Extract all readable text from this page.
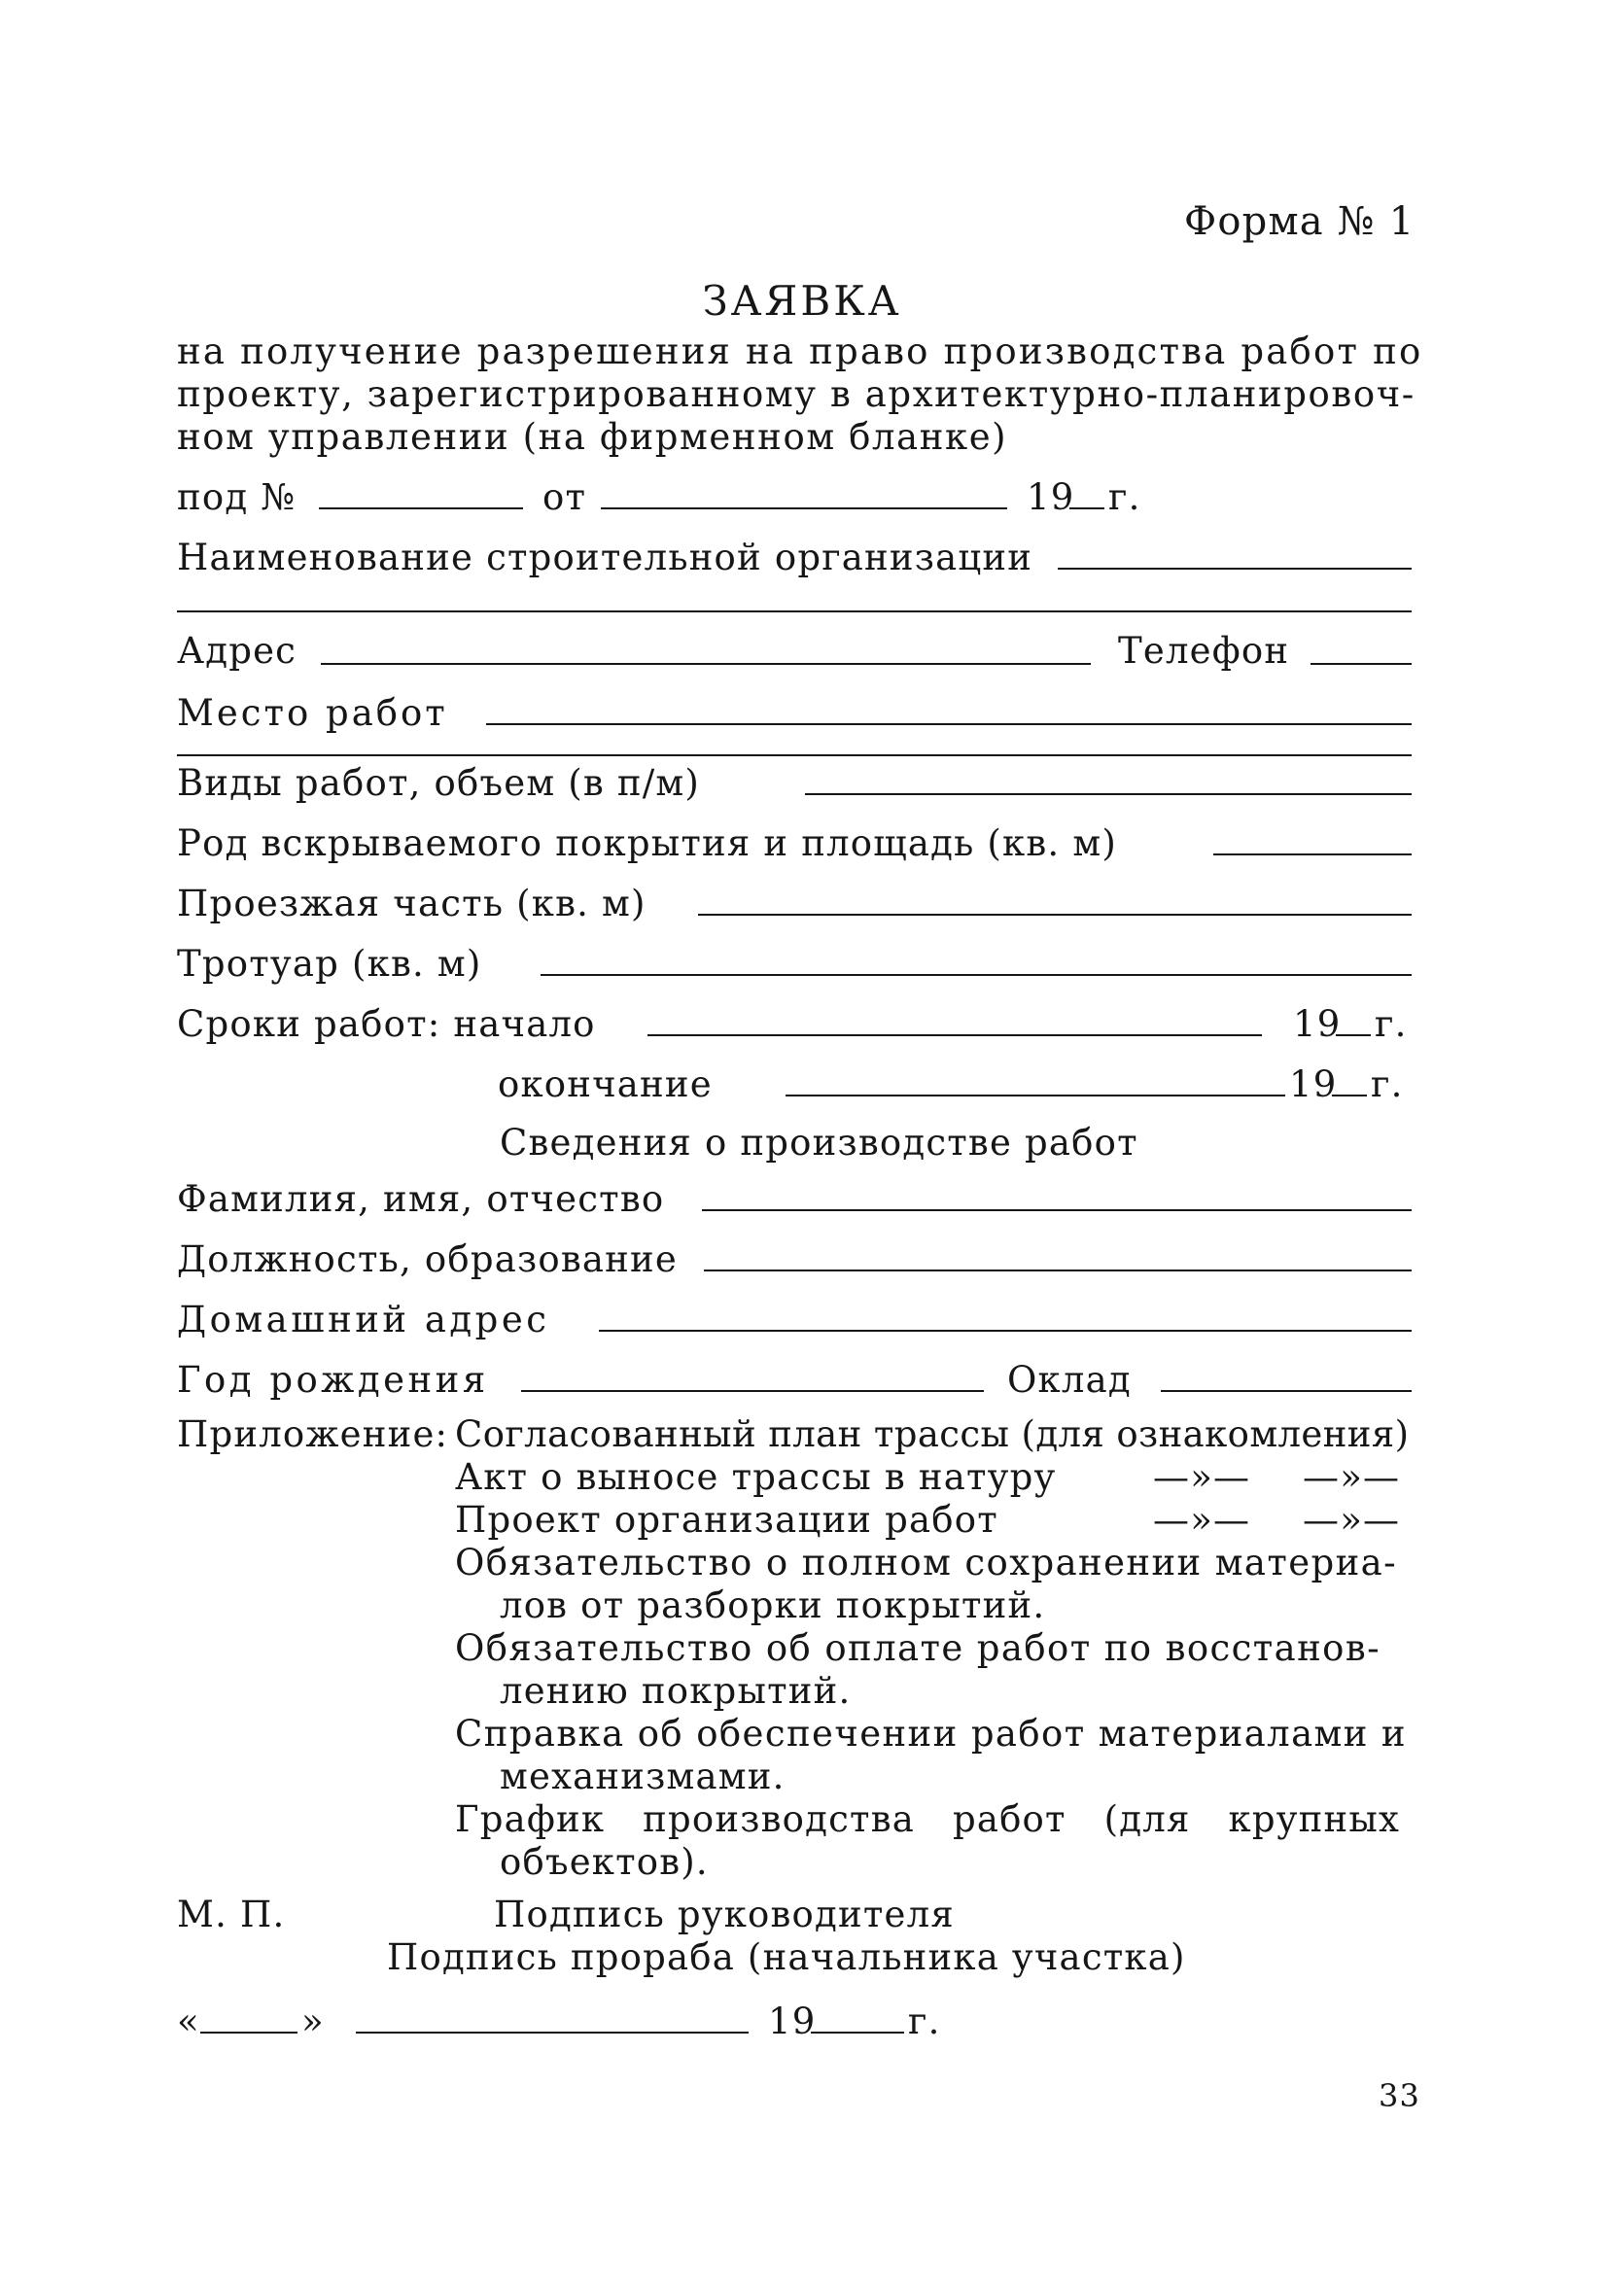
Форма № 1
ЗАЯВКА
на получение разрешения на право производства работ по
проекту, зарегистрированному в архитектурно-планировоч-
ном управлении (на фирменном бланке)
под №	от	19 г.
Наименование строительной организации
Адрес	Телефон
Место работ
Виды работ, объем (в п/м)
Род вскрываемого покрытия и площадь (кв. м)
Проезжая часть (кв. м)
Тротуар (кв. м)
Сроки работ: начало	19 г.
окончание	19 г.
Сведения о производстве работ
Фамилия, имя, отчество
Должность, образование
Домашний адрес
Год рождения	Оклад
Приложение: Согласованный план трассы (для ознакомления)
Акт о выносе трассы в натуру	—»— —»—
Проект организации работ	—»— —»—
Обязательство о полном сохранении материа-
лов от разборки покрытий.
Обязательство об оплате работ по восстанов-
лению покрытий.
Справка об обеспечении работ материалами и
механизмами.
График производства работ (для крупных
объектов).
М. П.	Подпись руководителя
Подпись прораба (начальника участка)
«	»	19	г.
33
